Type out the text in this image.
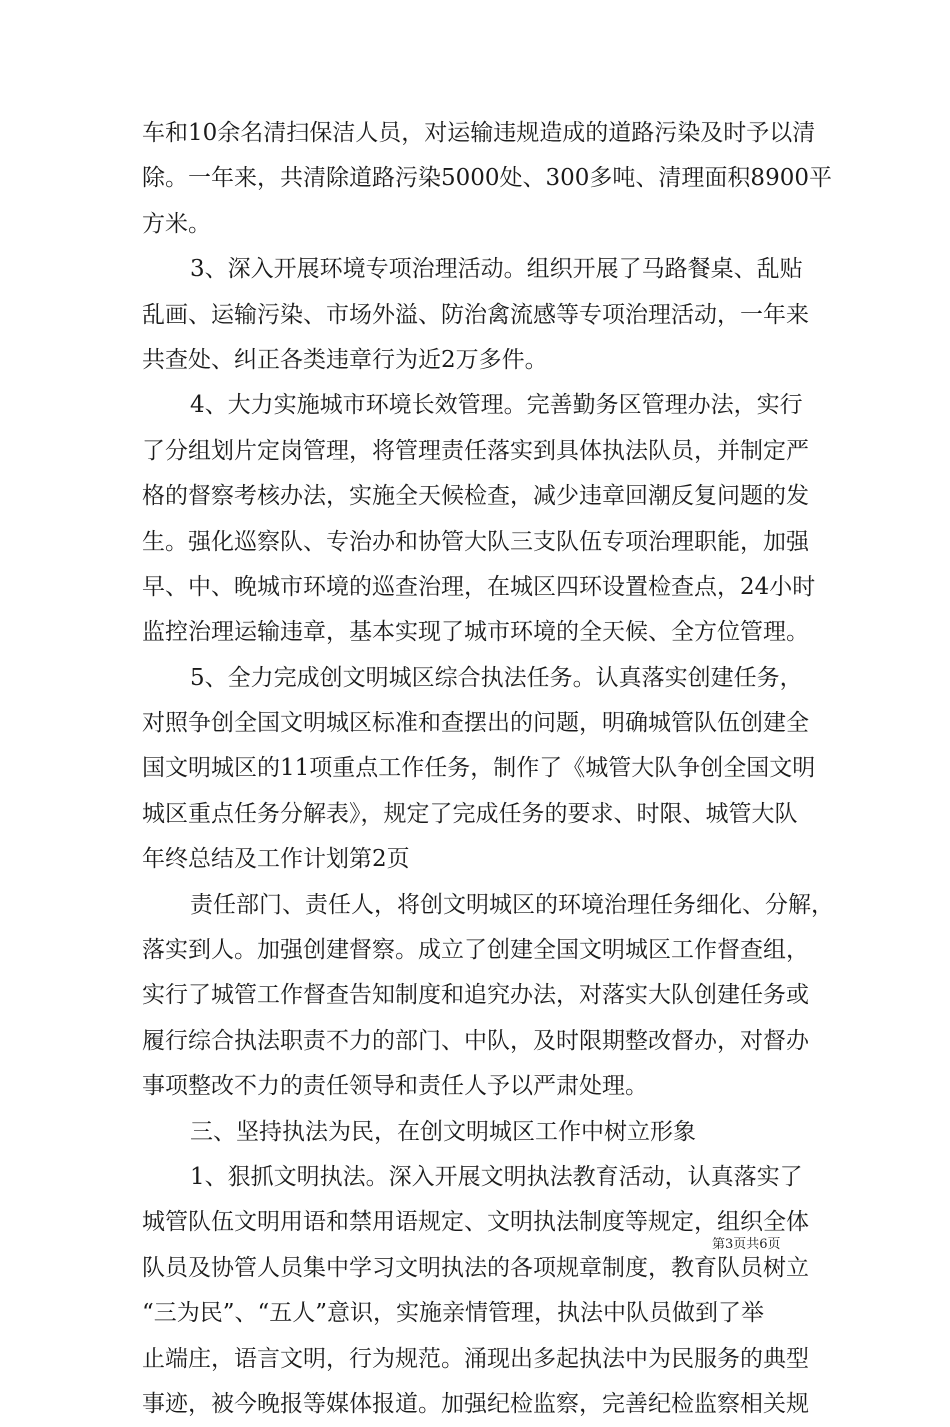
车和10余名清扫保洁人员，对运输违规造成的道路污染及时予以清
除。一年来，共清除道路污染5000处、300多吨、清理面积8900平
方米。
3、深入开展环境专项治理活动。组织开展了马路餐桌、乱贴
乱画、运输污染、市场外溢、防治禽流感等专项治理活动，一年来
共查处、纠正各类违章行为近2万多件。
4、大力实施城市环境长效管理。完善勤务区管理办法，实行
了分组划片定岗管理，将管理责任落实到具体执法队员，并制定严
格的督察考核办法，实施全天候检查，减少违章回潮反复问题的发
生。强化巡察队、专治办和协管大队三支队伍专项治理职能，加强
早、中、晚城市环境的巡查治理，在城区四环设置检查点，24小时
监控治理运输违章，基本实现了城市环境的全天候、全方位管理。
5、全力完成创文明城区综合执法任务。认真落实创建任务，
对照争创全国文明城区标准和查摆出的问题，明确城管队伍创建全
国文明城区的11项重点工作任务，制作了《城管大队争创全国文明
城区重点任务分解表》，规定了完成任务的要求、时限、城管大队
年终总结及工作计划第2页
责任部门、责任人，将创文明城区的环境治理任务细化、分解，
落实到人。加强创建督察。成立了创建全国文明城区工作督查组，
实行了城管工作督查告知制度和追究办法，对落实大队创建任务或
履行综合执法职责不力的部门、中队，及时限期整改督办，对督办
事项整改不力的责任领导和责任人予以严肃处理。
三、坚持执法为民，在创文明城区工作中树立形象
1、狠抓文明执法。深入开展文明执法教育活动，认真落实了
城管队伍文明用语和禁用语规定、文明执法制度等规定，组织全体
队员及协管人员集中学习文明执法的各项规章制度，教育队员树立
“三为民”、“五人”意识，实施亲情管理，执法中队员做到了举
止端庄，语言文明，行为规范。涌现出多起执法中为民服务的典型
事迹，被今晚报等媒体报道。加强纪检监察，完善纪检监察相关规
第3页共6页
